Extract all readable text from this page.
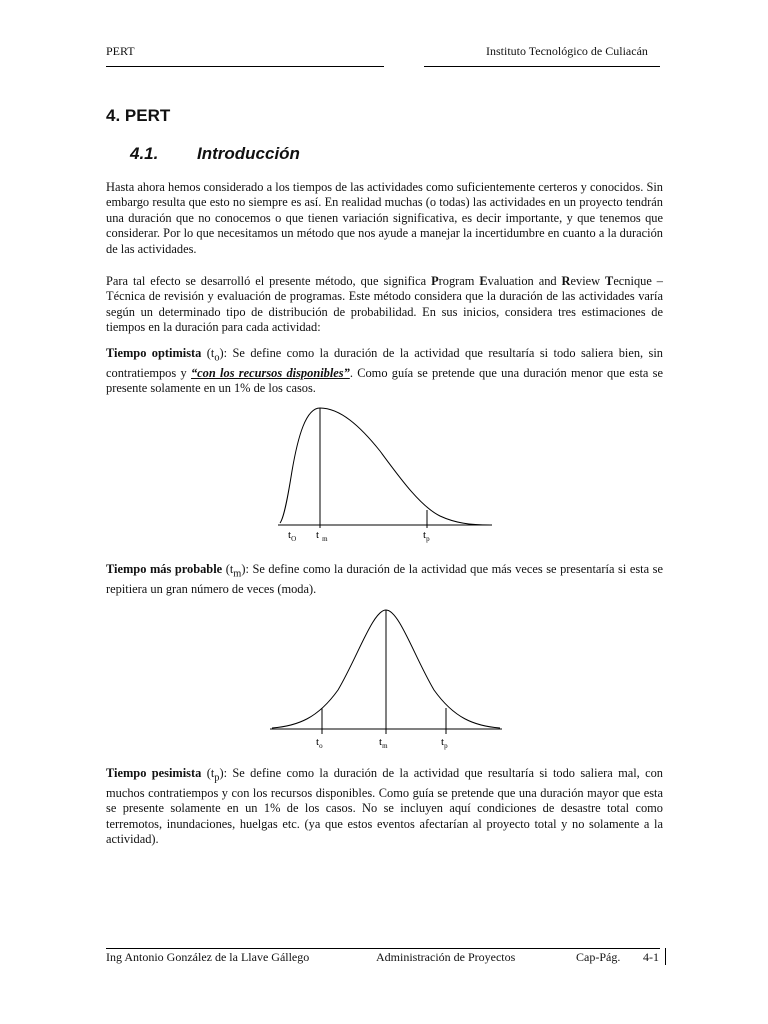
PERT	Instituto Tecnológico de Culiacán
4. PERT
4.1. Introducción
Hasta ahora hemos considerado a los tiempos de las actividades como suficientemente certeros y conocidos. Sin embargo resulta que esto no siempre es así. En realidad muchas (o todas) las actividades en un proyecto tendrán una duración que no conocemos o que tienen variación significativa, es decir importante, y que tenemos que considerar. Por lo que necesitamos un método que nos ayude a manejar la incertidumbre en cuanto a la duración de las actividades.
Para tal efecto se desarrolló el presente método, que significa Program Evaluation and Review Tecnique – Técnica de revisión y evaluación de programas. Este método considera que la duración de las actividades varía según un determinado tipo de distribución de probabilidad. En sus inicios, considera tres estimaciones de tiempos en la duración para cada actividad:
Tiempo optimista $(t_o)$: Se define como la duración de la actividad que resultaría si todo saliera bien, sin contratiempos y “con los recursos disponibles”. Como guía se pretende que una duración menor que esta se presente solamente en un 1% de los casos.
$t_O$ t $_m$	$t_p$
Tiempo más probable $(t_m)$: Se define como la duración de la actividad que más veces se presentaría si esta se repitiera un gran número de veces (moda).
$t_o$	$t_m$	$t_p$
Tiempo pesimista $(t_p)$: Se define como la duración de la actividad que resultaría si todo saliera mal, con muchos contratiempos y con los recursos disponibles. Como guía se pretende que una duración mayor que esta se presente solamente en un 1% de los casos. No se incluyen aquí condiciones de desastre total como terremotos, inundaciones, huelgas etc. (ya que estos eventos afectarían al proyecto total y no solamente a la actividad).
Ing Antonio González de la Llave Gállego	Administración de Proyectos	Cap-Pág. 4-1
